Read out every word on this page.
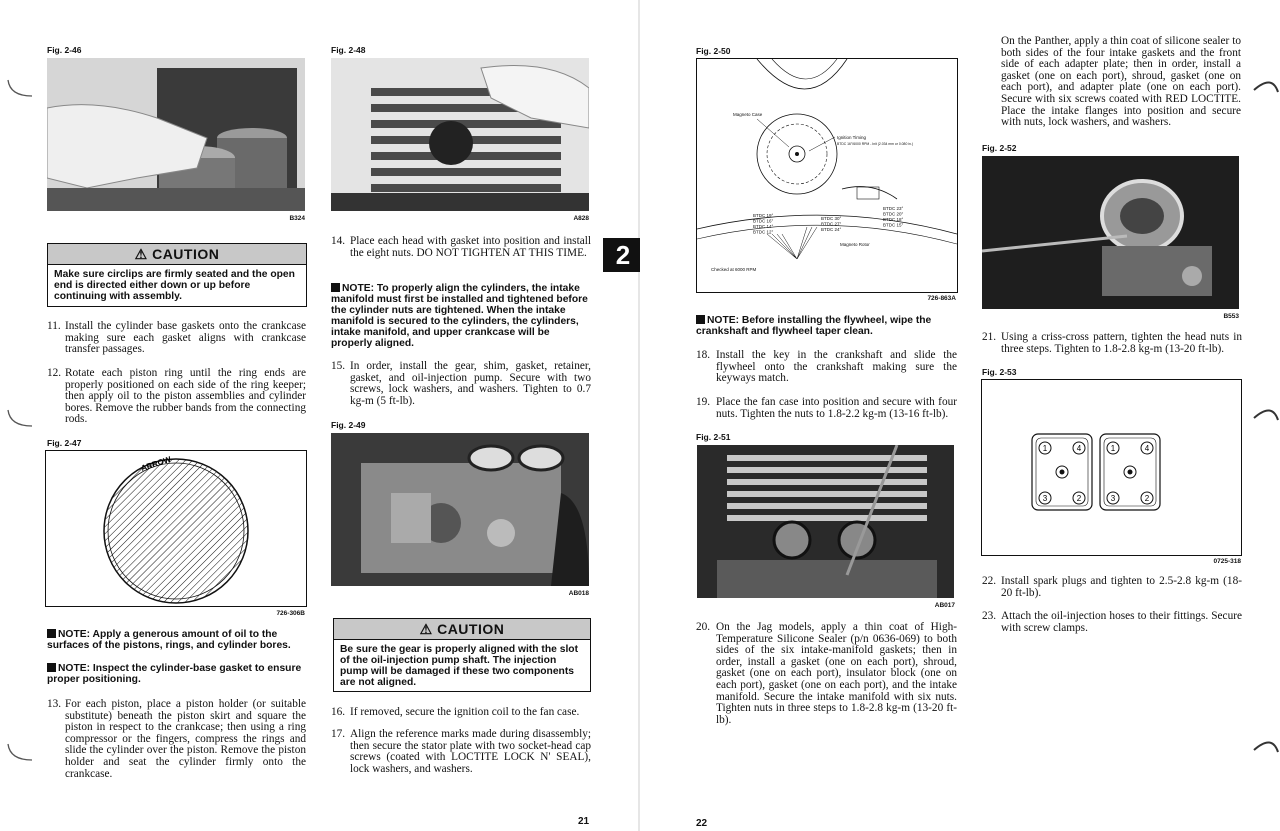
Fig. 2-46
B324
Fig. 2-48
A828
⚠ CAUTION
Make sure circlips are firmly seated and the open end is directed either down or up before continuing with assembly.
11. Install the cylinder base gaskets onto the crankcase making sure each gasket aligns with crankcase transfer passages.
12. Rotate each piston ring until the ring ends are properly positioned on each side of the ring keeper; then apply oil to the piston assemblies and cylinder bores. Remove the rubber bands from the connecting rods.
Fig. 2-47
ARROW
726-306B
NOTE: Apply a generous amount of oil to the surfaces of the pistons, rings, and cylinder bores.
NOTE: Inspect the cylinder-base gasket to ensure proper positioning.
13. For each piston, place a piston holder (or suitable substitute) beneath the piston skirt and square the piston in respect to the crankcase; then using a ring compressor or the fingers, compress the rings and slide the cylinder over the piston. Remove the piston holder and seat the cylinder firmly onto the crankcase.
14. Place each head with gasket into position and install the eight nuts. DO NOT TIGHTEN AT THIS TIME.
NOTE: To properly align the cylinders, the intake manifold must first be installed and tightened before the cylinder nuts are tightened. When the intake manifold is secured to the cylinders, the cylinders, intake manifold, and upper crankcase will be properly aligned.
15. In order, install the gear, shim, gasket, retainer, gasket, and oil-injection pump. Secure with two screws, lock washers, and washers. Tighten to 0.7 kg-m (5 ft-lb).
Fig. 2-49
AB018
⚠ CAUTION
Be sure the gear is properly aligned with the slot of the oil-injection pump shaft. The injection pump will be damaged if these two components are not aligned.
16. If removed, secure the ignition coil to the fan case.
17. Align the reference marks made during disassembly; then secure the stator plate with two socket-head cap screws (coated with LOCTITE LOCK N' SEAL), lock washers, and washers.
21
2
Fig. 2-50
Magneto Case
Ignition Timing
BTDC 16°/6000 RPM - Init (2.034 mm or 0.080 in.)
BTDC 19°
BTDC 16°
BTDC 14°
BTDC 12°
BTDC 30°
BTDC 27°
BTDC 24°
BTDC 23°
BTDC 20°
BTDC 18°
BTDC 15°
Magneto Rotor
Checked at 6000 RPM
726-863A
NOTE: Before installing the flywheel, wipe the crankshaft and flywheel taper clean.
18. Install the key in the crankshaft and slide the flywheel onto the crankshaft making sure the keyways match.
19. Place the fan case into position and secure with four nuts. Tighten the nuts to 1.8-2.2 kg-m (13-16 ft-lb).
Fig. 2-51
AB017
20. On the Jag models, apply a thin coat of High-Temperature Silicone Sealer (p/n 0636-069) to both sides of the six intake-manifold gaskets; then in order, install a gasket (one on each port), shroud, gasket (one on each port), insulator block (one on each port), gasket (one on each port), and the intake manifold. Secure the intake manifold with six nuts. Tighten nuts in three steps to 1.8-2.8 kg-m (13-20 ft-lb).
On the Panther, apply a thin coat of silicone sealer to both sides of the four intake gaskets and the front side of each adapter plate; then in order, install a gasket (one on each port), shroud, gasket (one on each port), and adapter plate (one on each port). Secure with six screws coated with RED LOCTITE. Place the intake flanges into position and secure with nuts, lock washers, and washers.
Fig. 2-52
B553
21. Using a criss-cross pattern, tighten the head nuts in three steps. Tighten to 1.8-2.8 kg-m (13-20 ft-lb).
Fig. 2-53
1	4
3	2
1	4
3	2
0725-318
22. Install spark plugs and tighten to 2.5-2.8 kg-m (18-20 ft-lb).
23. Attach the oil-injection hoses to their fittings. Secure with screw clamps.
22
